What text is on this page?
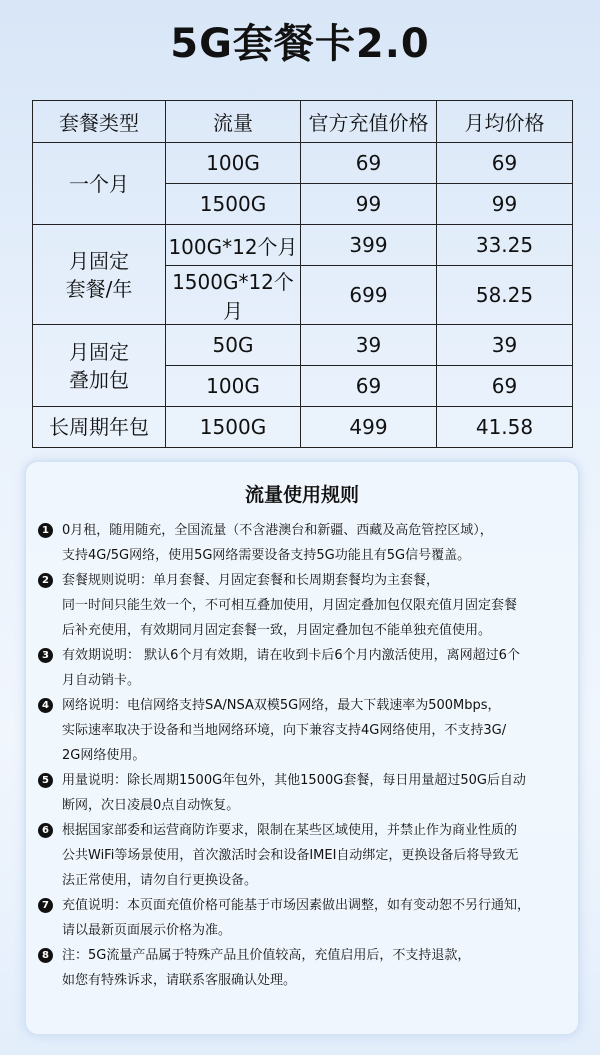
5G套餐卡2.0
套餐类型	流量	官方充值价格	月均价格

一个月	100G	69	69
	1500G	99	99

月固定
套餐/年	100G*12个月	399	33.25
	1500G*12个月	699	58.25

月固定
叠加包	50G	39	39
	100G	69	69

长周期年包	1500G	499	41.58
流量使用规则
1	0月租，随用随充，全国流量（不含港澳台和新疆、西藏及高危管控区域），
支持4G/5G网络，使用5G网络需要设备支持5G功能且有5G信号覆盖。
2	套餐规则说明：单月套餐、月固定套餐和长周期套餐均为主套餐，
同一时间只能生效一个，不可相互叠加使用，月固定叠加包仅限充值月固定套餐
后补充使用，有效期同月固定套餐一致，月固定叠加包不能单独充值使用。
3	有效期说明： 默认6个月有效期，请在收到卡后6个月内激活使用，离网超过6个
月自动销卡。
4	网络说明：电信网络支持SA/NSA双模5G网络，最大下载速率为500Mbps，
实际速率取决于设备和当地网络环境，向下兼容支持4G网络使用，不支持3G/
2G网络使用。
5	用量说明：除长周期1500G年包外，其他1500G套餐，每日用量超过50G后自动
断网，次日凌晨0点自动恢复。
6	根据国家部委和运营商防诈要求，限制在某些区域使用，并禁止作为商业性质的
公共WiFi等场景使用，首次激活时会和设备IMEI自动绑定，更换设备后将导致无
法正常使用，请勿自行更换设备。
7	充值说明：本页面充值价格可能基于市场因素做出调整，如有变动恕不另行通知，
请以最新页面展示价格为准。
8	注：5G流量产品属于特殊产品且价值较高，充值启用后，不支持退款，
如您有特殊诉求，请联系客服确认处理。
